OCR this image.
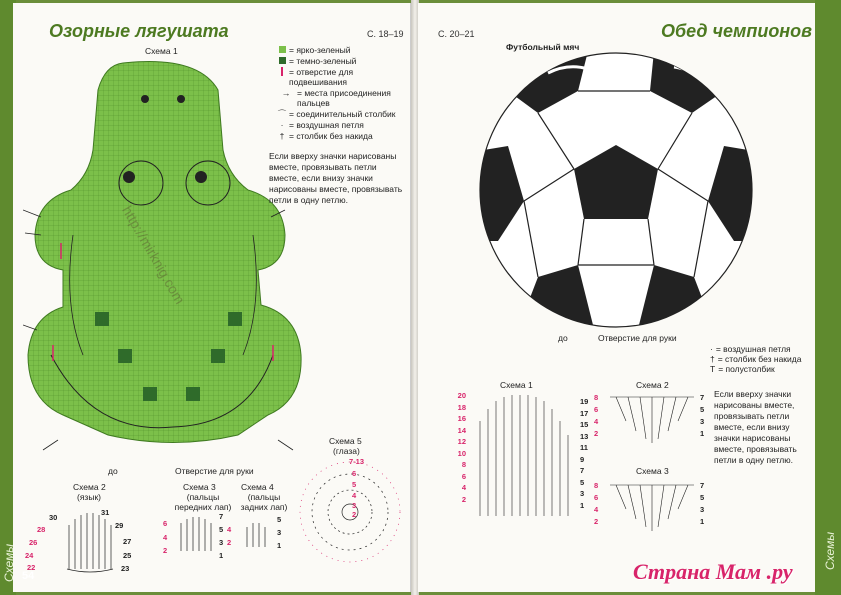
Схемы
Озорные лягушата	С. 18–19
Схема 1
до	Отверстие для руки
= ярко-зеленый
= темно-зеленый
= отверстие для подвешивания
→ = места присоединения пальцев
⌒ = соединительный столбик
· = воздушная петля
† = столбик без накида
Если вверху значки нарисованы вместе, провязывать петли вместе, если внизу значки нарисованы вместе, провязывать петли в одну петлю.
Схема 2
(язык)
30
28
26
24
22
31
29
27
25
23
Схема 3
(пальцы передних лап)
6
4
2
7
5
3
1
Схема 4
(пальцы задних лап)
4
2
5
3
1
Схема 5
(глаза)
7-13
6
5
4
3
2
http://mirknig.com
Схемы 54
С. 20–21	Обед чемпионов
Футбольный мяч
до	Отверстие для руки
· = воздушная петля
† = столбик без накида
T = полустолбик
Если вверху значки нарисованы вместе, провязывать петли вместе, если внизу значки нарисованы вместе, провязывать петли в одну петлю.
Схема 1
20
18
16
14
12
10
8
6
4
2
19
17
15
13
11
9
7
5
3
1
Схема 2
8
6
4
2
7
5
3
1
Схема 3
8
6
4
2
7
5
3
1
Страна Мам .ру
